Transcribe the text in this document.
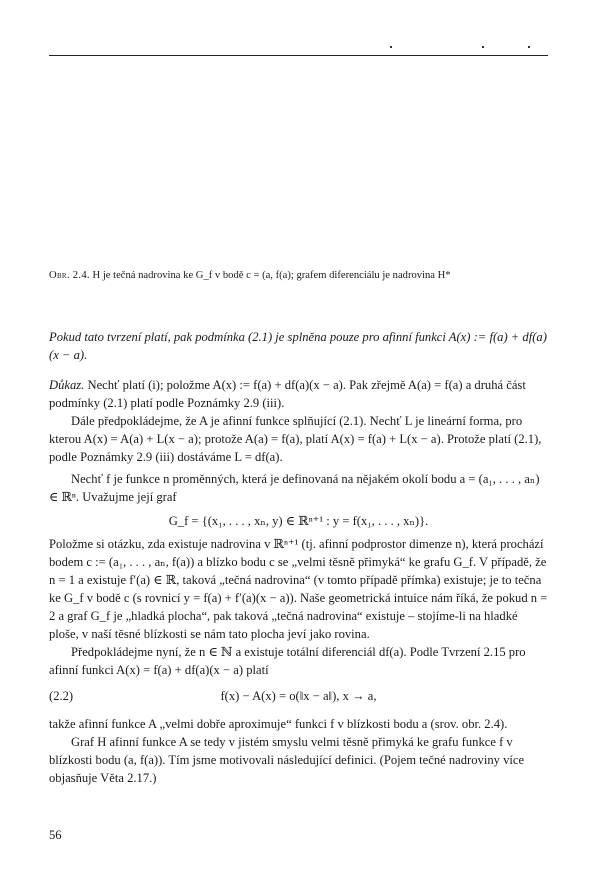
Obr. 2.4. H je tečná nadrovina ke G_f v bodě c = (a, f(a); grafem diferenciálu je nadrovina H*
Pokud tato tvrzení platí, pak podmínka (2.1) je splněna pouze pro afinní funkci A(x) := f(a) + df(a)(x − a).

Důkaz. Nechť platí (i); položme A(x) := f(a) + df(a)(x − a). Pak zřejmě A(a) = f(a) a druhá část podmínky (2.1) platí podle Poznámky 2.9 (iii).

Dále předpokládejme, že A je afinní funkce splňující (2.1). Nechť L je lineární forma, pro kterou A(x) = A(a) + L(x − a); protože A(a) = f(a), platí A(x) = f(a) + L(x − a). Protože platí (2.1), podle Poznámky 2.9 (iii) dostáváme L = df(a).

Nechť f je funkce n proměnných, která je definovaná na nějakém okolí bodu a = (a₁, . . . , aₙ) ∈ ℝⁿ. Uvažujme její graf

G_f = {(x₁, . . . , xₙ, y) ∈ ℝⁿ⁺¹ : y = f(x₁, . . . , xₙ)}.

Položme si otázku, zda existuje nadrovina v ℝⁿ⁺¹ (tj. afinní podprostor dimenze n), která prochází bodem c := (a₁, . . . , aₙ, f(a)) a blízko bodu c se „velmi těsně přimyká“ ke grafu G_f. V případě, že n = 1 a existuje f′(a) ∈ ℝ, taková „tečná nadrovina“ (v tomto případě přímka) existuje; je to tečna ke G_f v bodě c (s rovnicí y = f(a) + f′(a)(x − a)). Naše geometrická intuice nám říká, že pokud n = 2 a graf G_f je „hladká plocha“, pak taková „tečná nadrovina“ existuje – stojíme-li na hladké ploše, v naší těsné blízkosti se nám tato plocha jeví jako rovina.

Předpokládejme nyní, že n ∈ ℕ a existuje totální diferenciál df(a). Podle Tvrzení 2.15 pro afinní funkci A(x) = f(a) + df(a)(x − a) platí

(2.2)	f(x) − A(x) = o(‖x − a‖), x → a,

takže afinní funkce A „velmi dobře aproximuje“ funkci f v blízkosti bodu a (srov. obr. 2.4).

Graf H afinní funkce A se tedy v jistém smyslu velmi těsně přimyká ke grafu funkce f v blízkosti bodu (a, f(a)). Tím jsme motivovali následující definici. (Pojem tečné nadroviny více objasňuje Věta 2.17.)

56
